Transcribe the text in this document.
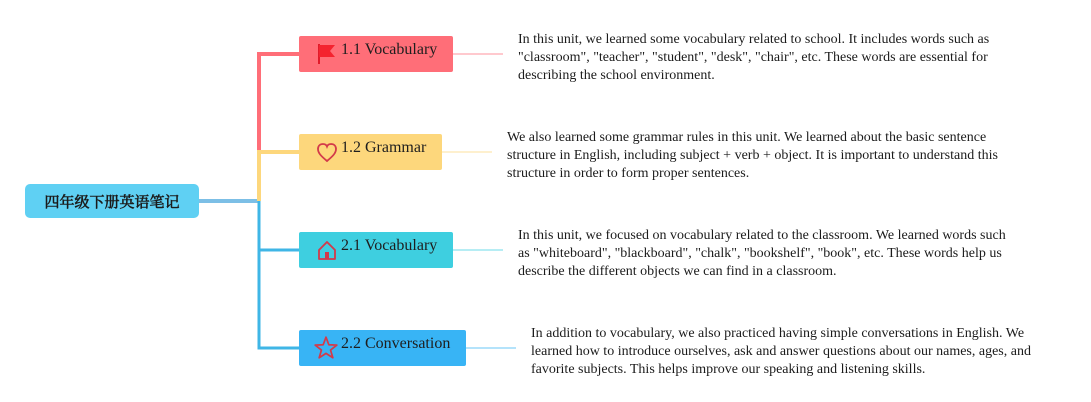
四年级下册英语笔记
1.1 Vocabulary
In this unit, we learned some vocabulary related to school. It includes words such as "classroom", "teacher", "student", "desk", "chair", etc. These words are essential for describing the school environment.
1.2 Grammar
We also learned some grammar rules in this unit. We learned about the basic sentence structure in English, including subject + verb + object. It is important to understand this structure in order to form proper sentences.
2.1 Vocabulary
In this unit, we focused on vocabulary related to the classroom. We learned words such as "whiteboard", "blackboard", "chalk", "bookshelf", "book", etc. These words help us describe the different objects we can find in a classroom.
2.2 Conversation
In addition to vocabulary, we also practiced having simple conversations in English. We learned how to introduce ourselves, ask and answer questions about our names, ages, and favorite subjects. This helps improve our speaking and listening skills.
